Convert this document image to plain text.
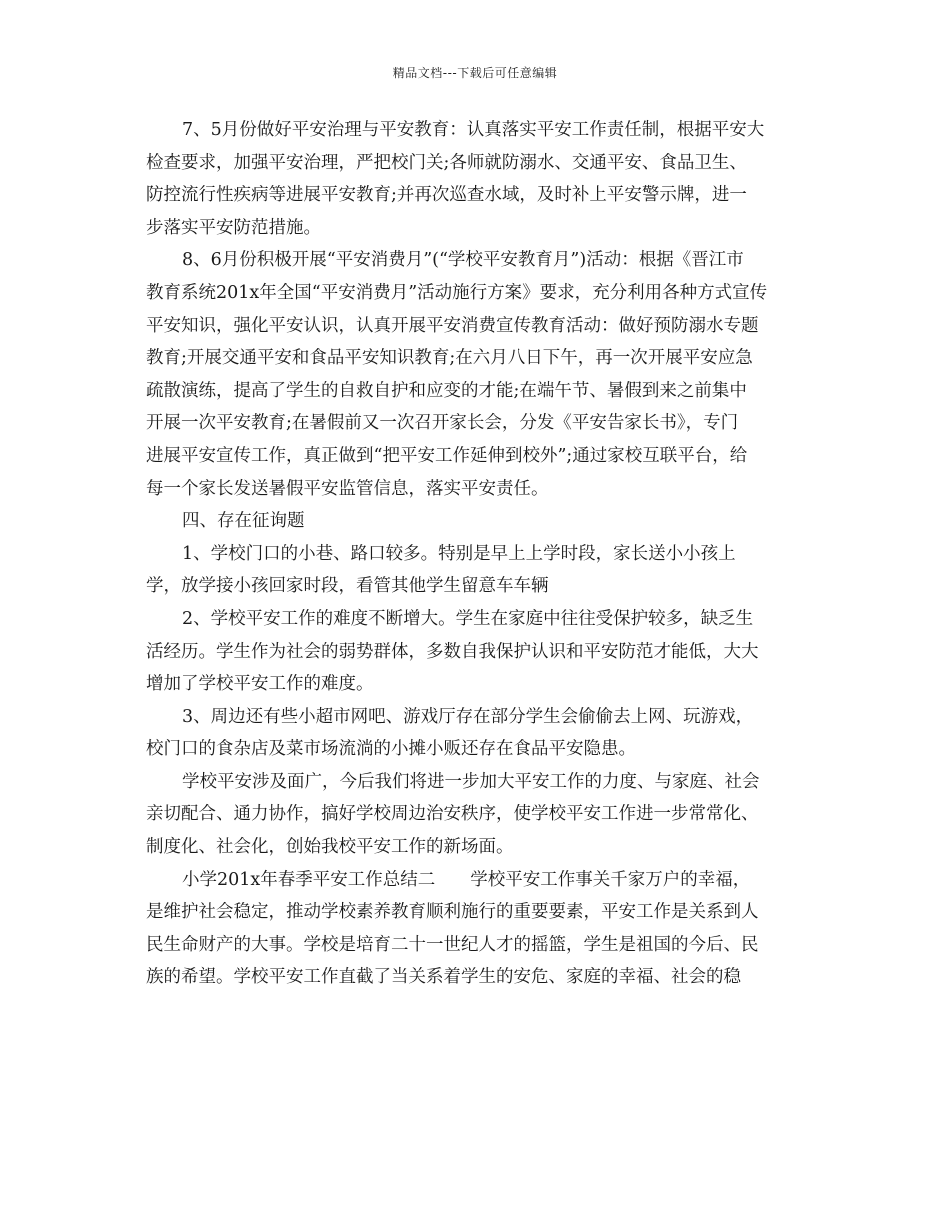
精品文档---下载后可任意编辑
7、5月份做好平安治理与平安教育：认真落实平安工作责任制，根据平安大
检查要求，加强平安治理，严把校门关;各师就防溺水、交通平安、食品卫生、
防控流行性疾病等进展平安教育;并再次巡查水域，及时补上平安警示牌，进一
步落实平安防范措施。
8、6月份积极开展“平安消费月”(“学校平安教育月”)活动：根据《晋江市
教育系统201x年全国“平安消费月”活动施行方案》要求，充分利用各种方式宣传
平安知识，强化平安认识，认真开展平安消费宣传教育活动：做好预防溺水专题
教育;开展交通平安和食品平安知识教育;在六月八日下午，再一次开展平安应急
疏散演练，提高了学生的自救自护和应变的才能;在端午节、暑假到来之前集中
开展一次平安教育;在暑假前又一次召开家长会，分发《平安告家长书》，专门
进展平安宣传工作，真正做到“把平安工作延伸到校外”;通过家校互联平台，给
每一个家长发送暑假平安监管信息，落实平安责任。
四、存在征询题
1、学校门口的小巷、路口较多。特别是早上上学时段，家长送小小孩上
学，放学接小孩回家时段，看管其他学生留意车车辆
2、学校平安工作的难度不断增大。学生在家庭中往往受保护较多，缺乏生
活经历。学生作为社会的弱势群体，多数自我保护认识和平安防范才能低，大大
增加了学校平安工作的难度。
3、周边还有些小超市网吧、游戏厅存在部分学生会偷偷去上网、玩游戏，
校门口的食杂店及菜市场流淌的小摊小贩还存在食品平安隐患。
学校平安涉及面广，今后我们将进一步加大平安工作的力度、与家庭、社会
亲切配合、通力协作，搞好学校周边治安秩序，使学校平安工作进一步常常化、
制度化、社会化，创始我校平安工作的新场面。
小学201x年春季平安工作总结二　　学校平安工作事关千家万户的幸福，
是维护社会稳定，推动学校素养教育顺利施行的重要要素，平安工作是关系到人
民生命财产的大事。学校是培育二十一世纪人才的摇篮，学生是祖国的今后、民
族的希望。学校平安工作直截了当关系着学生的安危、家庭的幸福、社会的稳
